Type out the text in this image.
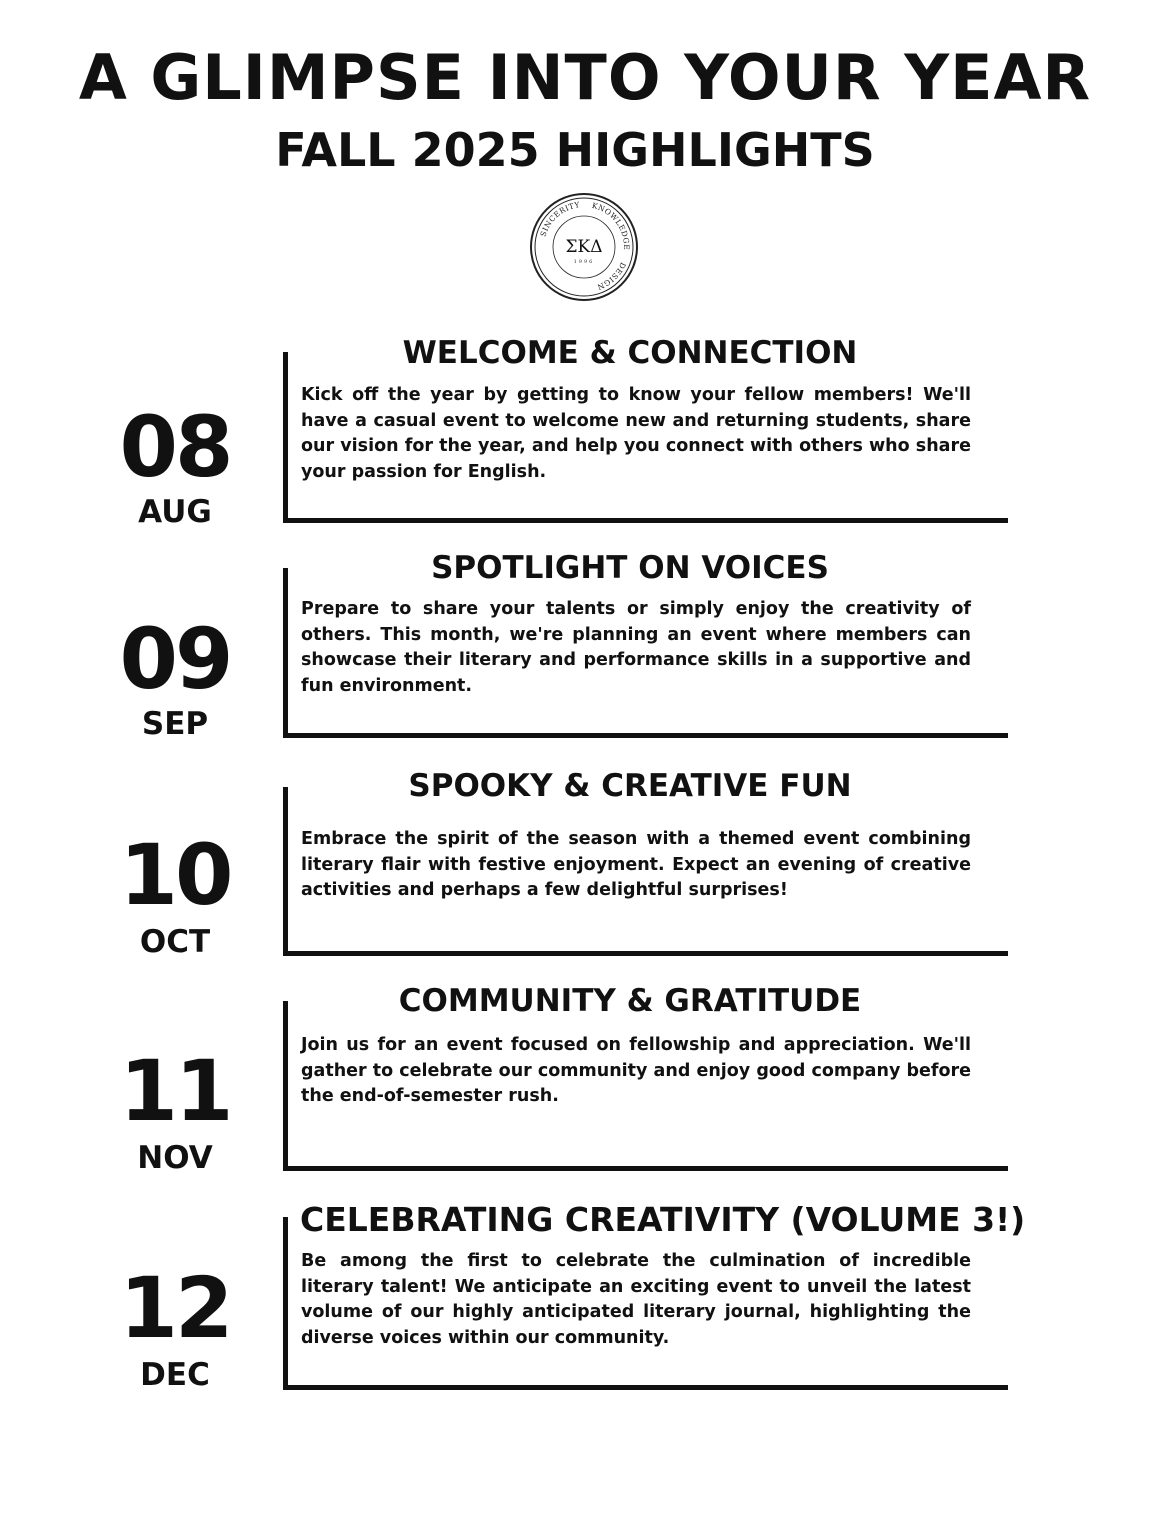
A GLIMPSE INTO YOUR YEAR
FALL 2025 HIGHLIGHTS
SINCERITY KNOWLEDGE
DESIGN
ΣΚΔ
1996
08
AUG
WELCOME & CONNECTION
Kick off the year by getting to know your fellow members! We'll have a casual event to welcome new and returning students, share our vision for the year, and help you connect with others who share your passion for English.
09
SEP
SPOTLIGHT ON VOICES
Prepare to share your talents or simply enjoy the creativity of others. This month, we're planning an event where members can showcase their literary and performance skills in a supportive and fun environment.
10
OCT
SPOOKY & CREATIVE FUN
Embrace the spirit of the season with a themed event combining literary flair with festive enjoyment. Expect an evening of creative activities and perhaps a few delightful surprises!
11
NOV
COMMUNITY & GRATITUDE
Join us for an event focused on fellowship and appreciation. We'll gather to celebrate our community and enjoy good company before the end-of-semester rush.
12
DEC
CELEBRATING CREATIVITY (VOLUME 3!)
Be among the first to celebrate the culmination of incredible literary talent! We anticipate an exciting event to unveil the latest volume of our highly anticipated literary journal, highlighting the diverse voices within our community.
